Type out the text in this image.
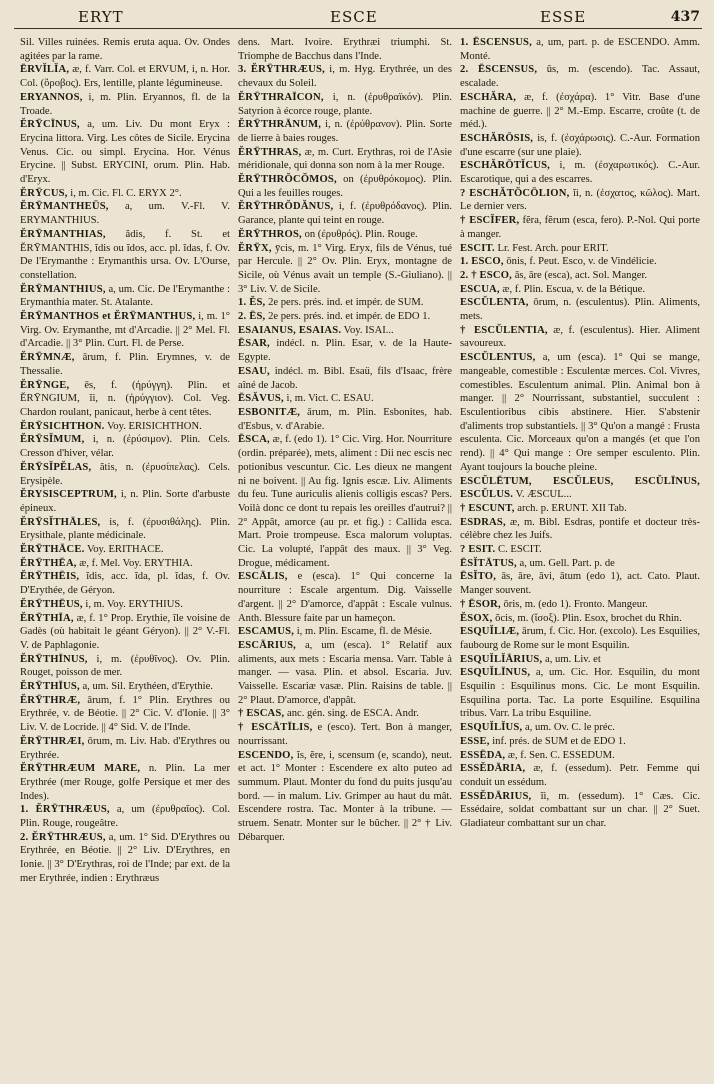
ERYT	ESCE	ESSE	437

Sil. Villes ruinées. Remis eruta aqua. Ov. Ondes agitées par la rame.

ĒRVĬLĬA, æ, f. Varr. Col. et ERVUM, i, n. Hor. Col. (ὄροβος). Ers, lentille, plante légumineuse.

ERYANNOS, i, m. Plin. Eryannos, fl. de la Troade.

ĔRȲCĪNUS, a, um. Liv. Du mont Eryx : Erycina littora. Virg. Les côtes de Sicile. Erycina Venus. Cic. ou simpl. Erycina. Hor. Vénus Erycine. || Subst. ERYCINI, orum. Plin. Hab. d'Eryx.

ĔRȲCUS, i, m. Cic. Fl. C. ERYX 2°.

ĔRȲMANTHEŪS, a, um. V.-Fl. V. ERYMANTHIUS.

ĔRȲMANTHIAS, ădis, f. St. et ĔRȲMANTHIS, ĭdis ou ĭdos, acc. pl. ĭdas, f. Ov. De l'Erymanthe : Erymanthis ursa. Ov. L'Ourse, constellation.

ĔRȲMANTHIUS, a, um. Cic. De l'Erymanthe : Erymanthia mater. St. Atalante.

ĔRȲMANTHOS et ĔRȲMANTHUS, i, m. 1° Virg. Ov. Erymanthe, mt d'Arcadie. || 2° Mel. Fl. d'Arcadie. || 3° Plin. Curt. Fl. de Perse.

ĔRȲMNÆ, ārum, f. Plin. Erymnes, v. de Thessalie.

ĔRȲNGE, ēs, f. (ἠρύγγη). Plin. et ĔRȲNGIUM, ĭi, n. (ἠρύγγιον). Col. Veg. Chardon roulant, panicaut, herbe à cent têtes.

ĔRȲSICHTHON. Voy. ERISICHTHON.

ĔRȲSĬMUM, i, n. (ἐρύσιμον). Plin. Cels. Cresson d'hiver, vélar.

ĔRȲSĬPĔLAS, ătis, n. (ἐρυσίπελας). Cels. Erysipèle.

ĔRYSISCEPTRUM, i, n. Plin. Sorte d'arbuste épineux.

ĔRȲSĬTHĀLES, is, f. (ἐρυσιθάλης). Plin. Erysithale, plante médicinale.

ĔRȲTHĀCE. Voy. ERITHACE.

ĔRȲTHĒA, æ, f. Mel. Voy. ERYTHIA.

ĔRȲTHĒIS, ĭdis, acc. ĭda, pl. ĭdas, f. Ov. D'Erythée, de Géryon.

ĔRȲTHĒUS, i, m. Voy. ERYTHIUS.

ĔRȲTHĪA, æ, f. 1° Prop. Erythie, île voisine de Gadès (où habitait le géant Géryon). || 2° V.-Fl. V. de Paphlagonie.

ĔRȲTHĪNUS, i, m. (ἐρυθῖνος). Ov. Plin. Rouget, poisson de mer.

ĔRȲTHĪUS, a, um. Sil. Erythéen, d'Erythie.

ĔRȲTHRÆ, ārum, f. 1° Plin. Erythres ou Erythrée, v. de Béotie. || 2° Cic. V. d'Ionie. || 3° Liv. V. de Locride. || 4° Sid. V. de l'Inde.

ĔRȲTHRÆI, ōrum, m. Liv. Hab. d'Erythres ou Erythrée.

ĔRȲTHRÆUM MARE, n. Plin. La mer Erythrée (mer Rouge, golfe Persique et mer des Indes).

1. ĔRȲTHRÆUS, a, um (ἐρυθραῖος). Col. Plin. Rouge, rougeâtre.

2. ĔRȲTHRÆUS, a, um. 1° Sid. D'Erythres ou Erythrée, en Béotie. || 2° Liv. D'Erythres, en Ionie. || 3° D'Erythras, roi de l'Inde; par ext. de la mer Erythrée, indien : Erythræus

dens. Mart. Ivoire. Erythræi triumphi. St. Triomphe de Bacchus dans l'Inde.

3. ĔRȲTHRÆUS, i, m. Hyg. Erythrée, un des chevaux du Soleil.

ĔRȲTHRAĪCON, i, n. (ἐρυθραϊκόν). Plin. Satyrion à écorce rouge, plante.

ĔRȲTHRĀNUM, i, n. (ἐρύθρανον). Plin. Sorte de lierre à baies rouges.

ĔRȲTHRAS, æ, m. Curt. Erythras, roi de l'Asie méridionale, qui donna son nom à la mer Rouge.

ĔRȲTHRŎCŎMOS, on (ἐρυθρόκομος). Plin. Qui a les feuilles rouges.

ĔRȲTHRŎDĂNUS, i, f. (ἐρυθρόδανος). Plin. Garance, plante qui teint en rouge.

ĔRȲTHROS, on (ἐρυθρός). Plin. Rouge.

ĔRȲX, ȳcis, m. 1° Virg. Eryx, fils de Vénus, tué par Hercule. || 2° Ov. Plin. Eryx, montagne de Sicile, où Vénus avait un temple (S.-Giuliano). || 3° Liv. V. de Sicile.

1. ĔS, 2e pers. prés. ind. et impér. de SUM.

2. ĒS, 2e pers. prés. ind. et impér. de EDO 1.

ESAIANUS, ESAIAS. Voy. ISAI...

ĒSAR, indécl. n. Plin. Esar, v. de la Haute-Egypte.

ESAU, indécl. m. Bibl. Esaü, fils d'Isaac, frère aîné de Jacob.

ĒSĂVUS, i, m. Vict. C. ESAU.

ESBONITÆ, ārum, m. Plin. Esbonites, hab. d'Esbus, v. d'Arabie.

ĒSCA, æ, f. (edo 1). 1° Cic. Virg. Hor. Nourriture (ordin. préparée), mets, aliment : Dii nec escis nec potionibus vescuntur. Cic. Les dieux ne mangent ni ne boivent. || Au fig. Ignis escæ. Liv. Aliments du feu. Tune auriculis alienis colligis escas? Pers. Voilà donc ce dont tu repais les oreilles d'autrui? || 2° Appât, amorce (au pr. et fig.) : Callida esca. Mart. Proie trompeuse. Esca malorum voluptas. Cic. La volupté, l'appât des maux. || 3° Veg. Drogue, médicament.

ESCĀLIS, e (esca). 1° Qui concerne la nourriture : Escale argentum. Dig. Vaisselle d'argent. || 2° D'amorce, d'appât : Escale vulnus. Anth. Blessure faite par un hameçon.

ESCAMUS, i, m. Plin. Escame, fl. de Mésie.

ESCĀRIUS, a, um (esca). 1° Relatif aux aliments, aux mets : Escaria mensa. Varr. Table à manger. — vasa. Plin. et absol. Escaria. Juv. Vaisselle. Escariæ vasæ. Plin. Raisins de table. || 2° Plaut. D'amorce, d'appât.

† ESCAS, anc. gén. sing. de ESCA. Andr.

† ESCĀTĪLIS, e (esco). Tert. Bon à manger, nourrissant.

ESCENDO, ĭs, ĕre, i, scensum (e, scando), neut. et act. 1° Monter : Escendere ex alto puteo ad summum. Plaut. Monter du fond du puits jusqu'au bord. — in malum. Liv. Grimper au haut du mât. Escendere rostra. Tac. Monter à la tribune. — struem. Senatr. Monter sur le bûcher. || 2° † Liv. Débarquer.

1. ĒSCENSUS, a, um, part. p. de ESCENDO. Amm. Monté.

2. ĒSCENSUS, ūs, m. (escendo). Tac. Assaut, escalade.

ESCHĂRA, æ, f. (ἐσχάρα). 1° Vitr. Base d'une machine de guerre. || 2° M.-Emp. Escarre, croûte (t. de méd.).

ESCHĂRŌSIS, is, f. (ἐσχάρωσις). C.-Aur. Formation d'une escarre (sur une plaie).

ESCHĂRŌTĬCUS, i, m. (ἐσχαρωτικός). C.-Aur. Escarotique, qui a des escarres.

? ESCHĂTŎCŌLION, ĭi, n. (ἐσχατος, κῶλος). Mart. Le dernier vers.

† ESCĬFER, fĕra, fĕrum (esca, fero). P.-Nol. Qui porte à manger.

ESCIT. Lr. Fest. Arch. pour ERIT.

1. ESCO, ōnis, f. Peut. Esco, v. de Vindélicie.

2. † ESCO, ās, āre (esca), act. Sol. Manger.

ESCUA, æ, f. Plin. Escua, v. de la Bétique.

ESCŬLENTA, ōrum, n. (esculentus). Plin. Aliments, mets.

† ESCŬLENTIA, æ, f. (esculentus). Hier. Aliment savoureux.

ESCŬLENTUS, a, um (esca). 1° Qui se mange, mangeable, comestible : Esculentæ merces. Col. Vivres, comestibles. Esculentum animal. Plin. Animal bon à manger. || 2° Nourrissant, substantiel, succulent : Esculentioribus cibis abstinere. Hier. S'abstenir d'aliments trop substantiels. || 3° Qu'on a mangé : Frusta esculenta. Cic. Morceaux qu'on a mangés (et que l'on rend). || 4° Qui mange : Ore semper esculento. Plin. Ayant toujours la bouche pleine.

ESCŬLĒTUM, ESCŬLEUS, ESCŬLĪNUS, ESCŬLUS. V. ÆSCUL...

† ESCUNT, arch. p. ERUNT. XII Tab.

ESDRAS, æ, m. Bibl. Esdras, pontife et docteur très-célèbre chez les Juifs.

? ESIT. C. ESCIT.

ĒSĬTĀTUS, a, um. Gell. Part. p. de

ĒSĬTO, ās, āre, āvi, ātum (edo 1), act. Cato. Plaut. Manger souvent.

† ĒSOR, ōris, m. (edo 1). Fronto. Mangeur.

ĔSOX, ŏcis, m. (ἴσοξ). Plin. Esox, brochet du Rhin.

ESQUĬLIÆ, ārum, f. Cic. Hor. (excolo). Les Esquilies, faubourg de Rome sur le mont Esquilin.

ESQUĬLĬĀRIUS, a, um. Liv. et

ESQUĬLĪNUS, a, um. Cic. Hor. Esquilin, du mont Esquilin : Esquilinus mons. Cic. Le mont Esquilin. Esquilina porta. Tac. La porte Esquiline. Esquilina tribus. Varr. La tribu Esquiline.

ESQUĬLĬUS, a, um. Ov. C. le préc.

ESSE, inf. prés. de SUM et de EDO 1.

ESSĒDA, æ, f. Sen. C. ESSEDUM.

ESSĔDĀRIA, æ, f. (essedum). Petr. Femme qui conduit un essédum.

ESSĔDĀRIUS, ĭi, m. (essedum). 1° Cæs. Cic. Essédaire, soldat combattant sur un char. || 2° Suet. Gladiateur combattant sur un char.
